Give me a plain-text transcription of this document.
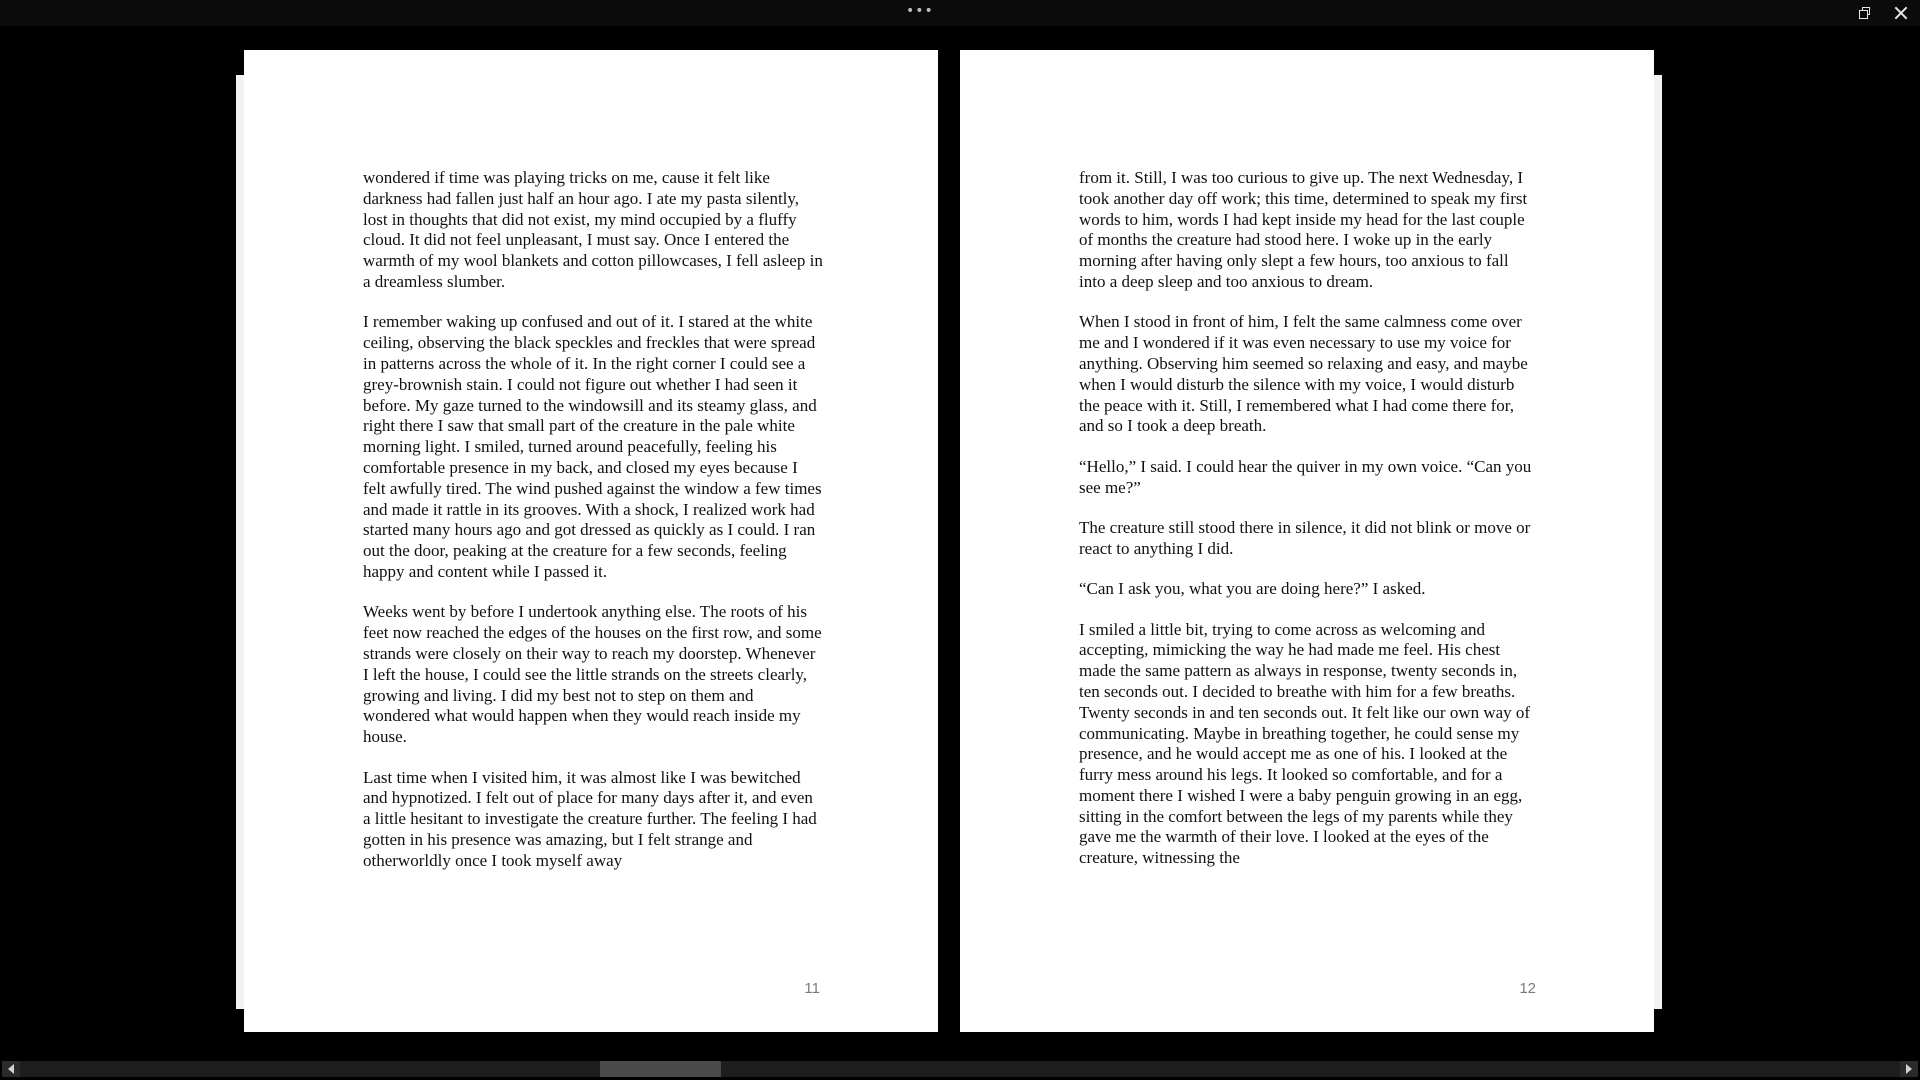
•••

wondered if time was playing tricks on me, cause it felt like darkness had fallen just half an hour ago. I ate my pasta silently, lost in thoughts that did not exist, my mind occupied by a fluffy cloud. It did not feel unpleasant, I must say. Once I entered the warmth of my wool blankets and cotton pillowcases, I fell asleep in a dreamless slumber.

I remember waking up confused and out of it. I stared at the white ceiling, observing the black speckles and freckles that were spread in patterns across the whole of it. In the right corner I could see a grey-brownish stain. I could not figure out whether I had seen it before. My gaze turned to the windowsill and its steamy glass, and right there I saw that small part of the creature in the pale white morning light. I smiled, turned around peacefully, feeling his comfortable presence in my back, and closed my eyes because I felt awfully tired. The wind pushed against the window a few times and made it rattle in its grooves. With a shock, I realized work had started many hours ago and got dressed as quickly as I could. I ran out the door, peaking at the creature for a few seconds, feeling happy and content while I passed it.

Weeks went by before I undertook anything else. The roots of his feet now reached the edges of the houses on the first row, and some strands were closely on their way to reach my doorstep. Whenever I left the house, I could see the little strands on the streets clearly, growing and living. I did my best not to step on them and wondered what would happen when they would reach inside my house.

Last time when I visited him, it was almost like I was bewitched and hypnotized. I felt out of place for many days after it, and even a little hesitant to investigate the creature further. The feeling I had gotten in his presence was amazing, but I felt strange and otherworldly once I took myself away

11

from it. Still, I was too curious to give up. The next Wednesday, I took another day off work; this time, determined to speak my first words to him, words I had kept inside my head for the last couple of months the creature had stood here. I woke up in the early morning after having only slept a few hours, too anxious to fall into a deep sleep and too anxious to dream.

When I stood in front of him, I felt the same calmness come over me and I wondered if it was even necessary to use my voice for anything. Observing him seemed so relaxing and easy, and maybe when I would disturb the silence with my voice, I would disturb the peace with it. Still, I remembered what I had come there for, and so I took a deep breath.

“Hello,” I said. I could hear the quiver in my own voice. “Can you see me?”

The creature still stood there in silence, it did not blink or move or react to anything I did.

“Can I ask you, what you are doing here?” I asked.

I smiled a little bit, trying to come across as welcoming and accepting, mimicking the way he had made me feel. His chest made the same pattern as always in response, twenty seconds in, ten seconds out. I decided to breathe with him for a few breaths. Twenty seconds in and ten seconds out. It felt like our own way of communicating. Maybe in breathing together, he could sense my presence, and he would accept me as one of his. I looked at the furry mess around his legs. It looked so comfortable, and for a moment there I wished I were a baby penguin growing in an egg, sitting in the comfort between the legs of my parents while they gave me the warmth of their love. I looked at the eyes of the creature, witnessing the

12
